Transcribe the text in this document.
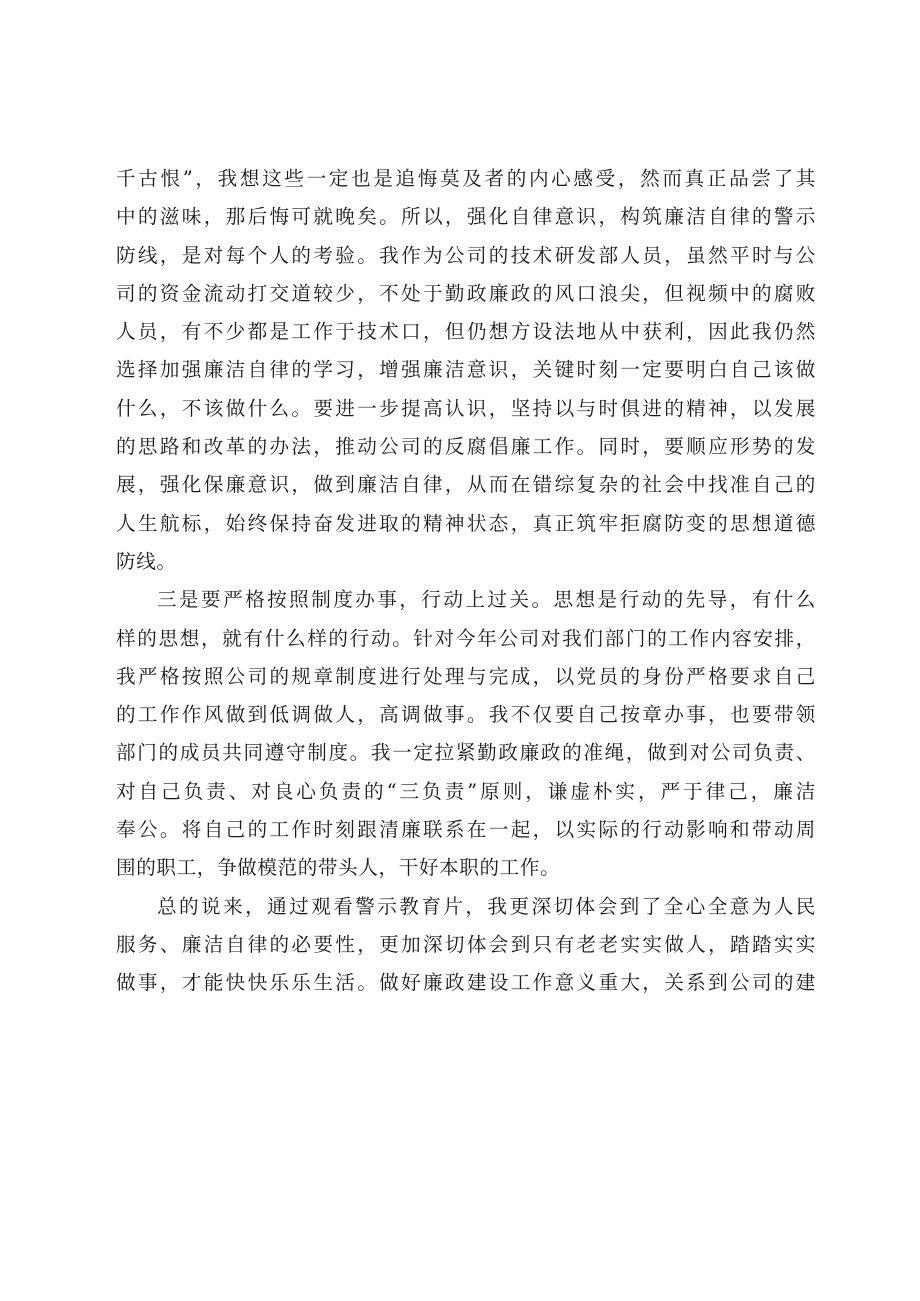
千古恨”，我想这些一定也是追悔莫及者的内心感受，然而真正品尝了其
中的滋味，那后悔可就晚矣。所以，强化自律意识，构筑廉洁自律的警示
防线，是对每个人的考验。我作为公司的技术研发部人员，虽然平时与公
司的资金流动打交道较少，不处于勤政廉政的风口浪尖，但视频中的腐败
人员，有不少都是工作于技术口，但仍想方设法地从中获利，因此我仍然
选择加强廉洁自律的学习，增强廉洁意识，关键时刻一定要明白自己该做
什么，不该做什么。要进一步提高认识，坚持以与时俱进的精神，以发展
的思路和改革的办法，推动公司的反腐倡廉工作。同时，要顺应形势的发
展，强化保廉意识，做到廉洁自律，从而在错综复杂的社会中找准自己的
人生航标，始终保持奋发进取的精神状态，真正筑牢拒腐防变的思想道德
防线。
三是要严格按照制度办事，行动上过关。思想是行动的先导，有什么
样的思想，就有什么样的行动。针对今年公司对我们部门的工作内容安排，
我严格按照公司的规章制度进行处理与完成，以党员的身份严格要求自己
的工作作风做到低调做人，高调做事。我不仅要自己按章办事，也要带领
部门的成员共同遵守制度。我一定拉紧勤政廉政的准绳，做到对公司负责、
对自己负责、对良心负责的“三负责”原则，谦虚朴实，严于律己，廉洁
奉公。将自己的工作时刻跟清廉联系在一起，以实际的行动影响和带动周
围的职工，争做模范的带头人，干好本职的工作。
总的说来，通过观看警示教育片，我更深切体会到了全心全意为人民
服务、廉洁自律的必要性，更加深切体会到只有老老实实做人，踏踏实实
做事，才能快快乐乐生活。做好廉政建设工作意义重大，关系到公司的建
